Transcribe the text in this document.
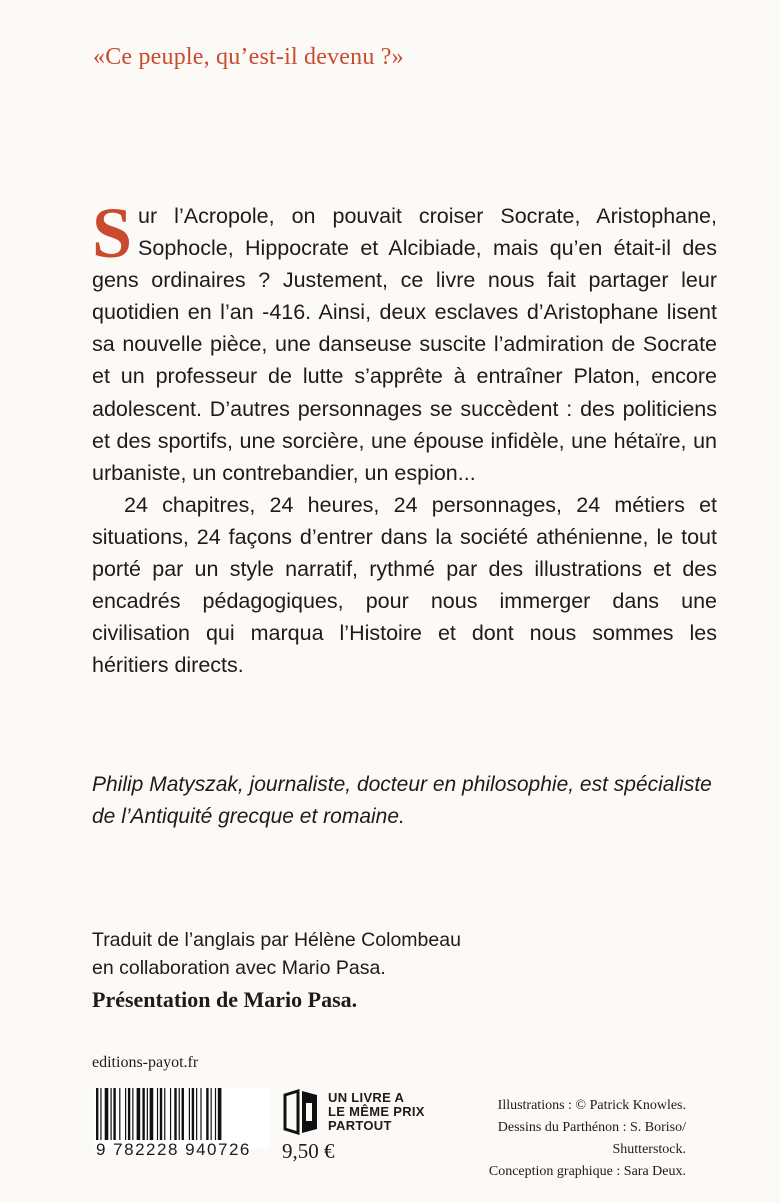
«Ce peuple, qu’est-il devenu ?»

Sur l’Acropole, on pouvait croiser Socrate, Aristophane, Sophocle, Hippocrate et Alcibiade, mais qu’en était-il des gens ordinaires ? Justement, ce livre nous fait partager leur quotidien en l’an -416. Ainsi, deux esclaves d’Aristophane lisent sa nouvelle pièce, une danseuse suscite l’admiration de Socrate et un professeur de lutte s’apprête à entraîner Platon, encore adolescent. D’autres personnages se succèdent : des politiciens et des sportifs, une sorcière, une épouse infidèle, une hétaïre, un urbaniste, un contrebandier, un espion...

24 chapitres, 24 heures, 24 personnages, 24 métiers et situations, 24 façons d’entrer dans la société athénienne, le tout porté par un style narratif, rythmé par des illustrations et des encadrés pédagogiques, pour nous immerger dans une civilisation qui marqua l’Histoire et dont nous sommes les héritiers directs.

Philip Matyszak, journaliste, docteur en philosophie, est spécialiste de l’Antiquité grecque et romaine.
Traduit de l’anglais par Hélène Colombeau
en collaboration avec Mario Pasa.
Présentation de Mario Pasa.
editions-payot.fr
9 782228 940726
UN LIVRE A
LE MÊME PRIX
PARTOUT
9,50 €
Illustrations : © Patrick Knowles.
Dessins du Parthénon : S. Boriso/
Shutterstock.
Conception graphique : Sara Deux.
